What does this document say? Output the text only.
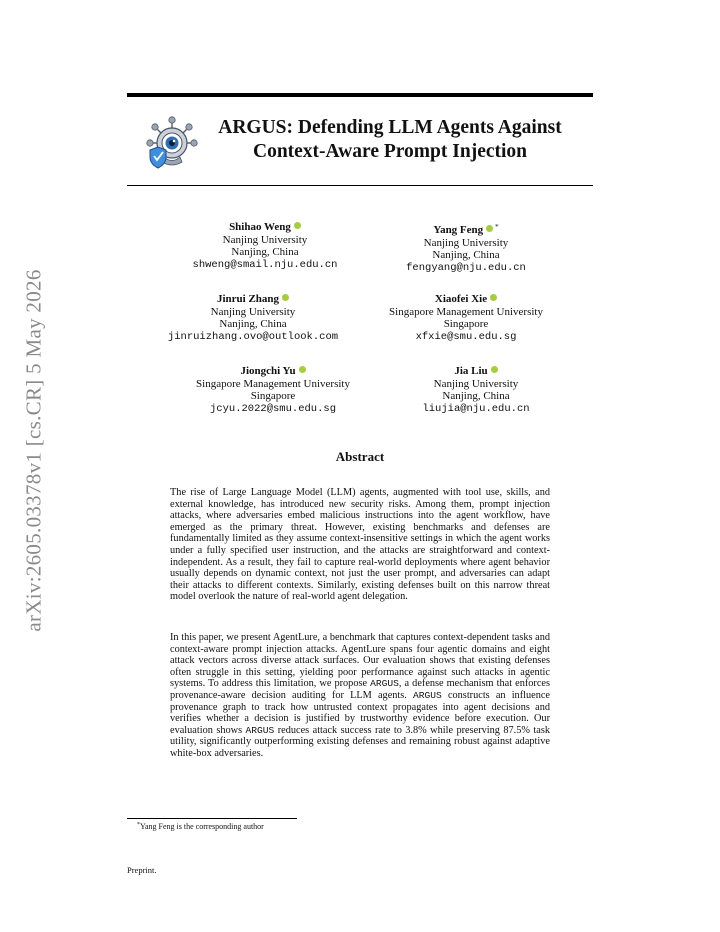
arXiv:2605.03378v1 [cs.CR] 5 May 2026
ARGUS: Defending LLM Agents Against
Context-Aware Prompt Injection
Shihao Weng
Nanjing University
Nanjing, China
shweng@smail.nju.edu.cn
Yang Feng *
Nanjing University
Nanjing, China
fengyang@nju.edu.cn
Jinrui Zhang
Nanjing University
Nanjing, China
jinruizhang.ovo@outlook.com
Xiaofei Xie
Singapore Management University
Singapore
xfxie@smu.edu.sg
Jiongchi Yu
Singapore Management University
Singapore
jcyu.2022@smu.edu.sg
Jia Liu
Nanjing University
Nanjing, China
liujia@nju.edu.cn
Abstract

The rise of Large Language Model (LLM) agents, augmented with tool use, skills, and external knowledge, has introduced new security risks. Among them, prompt injection attacks, where adversaries embed malicious instructions into the agent workflow, have emerged as the primary threat. However, existing benchmarks and defenses are fundamentally limited as they assume context-insensitive settings in which the agent works under a fully specified user instruction, and the attacks are straightforward and context-independent. As a result, they fail to capture real-world deployments where agent behavior usually depends on dynamic context, not just the user prompt, and adversaries can adapt their attacks to different contexts. Similarly, existing defenses built on this narrow threat model overlook the nature of real-world agent delegation.

In this paper, we present AgentLure, a benchmark that captures context-dependent tasks and context-aware prompt injection attacks. AgentLure spans four agentic domains and eight attack vectors across diverse attack surfaces. Our evaluation shows that existing defenses often struggle in this setting, yielding poor performance against such attacks in agentic systems. To address this limitation, we propose ARGUS, a defense mechanism that enforces provenance-aware decision auditing for LLM agents. ARGUS constructs an influence provenance graph to track how untrusted context propagates into agent decisions and verifies whether a decision is justified by trustworthy evidence before execution. Our evaluation shows ARGUS reduces attack success rate to 3.8% while preserving 87.5% task utility, significantly outperforming existing defenses and remaining robust against adaptive white-box adversaries.

*Yang Feng is the corresponding author
Preprint.
